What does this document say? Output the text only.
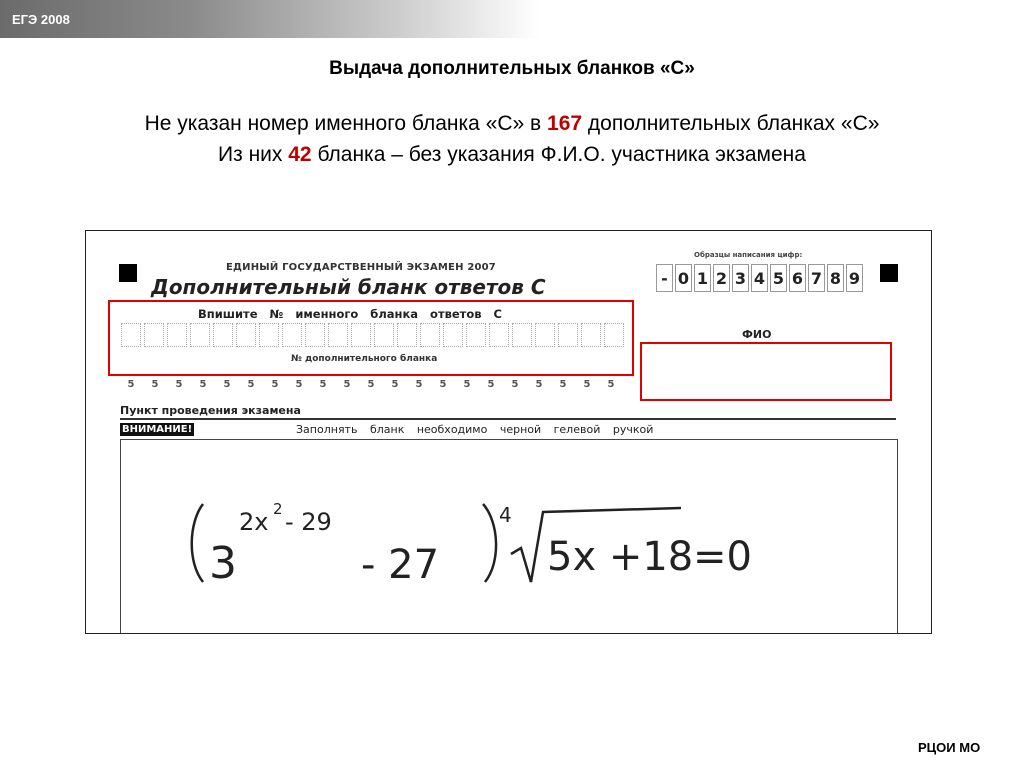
ЕГЭ 2008
Выдача дополнительных бланков «С»
Не указан номер именного бланка «С» в 167 дополнительных бланках «С»
Из них 42 бланка – без указания Ф.И.О. участника экзамена
ЕДИНЫЙ ГОСУДАРСТВЕННЫЙ ЭКЗАМЕН 2007
Дополнительный бланк ответов С
Образцы написания цифр:
- 0 1 2 3 4 5 6 7 8 9
Впишите № именного бланка ответов С
№ дополнительного бланка
5	5	5	5	5	5	5	5	5	5	5	5	5	5	5	5	5	5	5	5	5
ФИО
Пункт проведения экзамена
ВНИМАНИЕ!	Заполнять бланк необходимо черной гелевой ручкой
3
2x 2 - 29
- 27
4
5x +18 =0
РЦОИ МО
